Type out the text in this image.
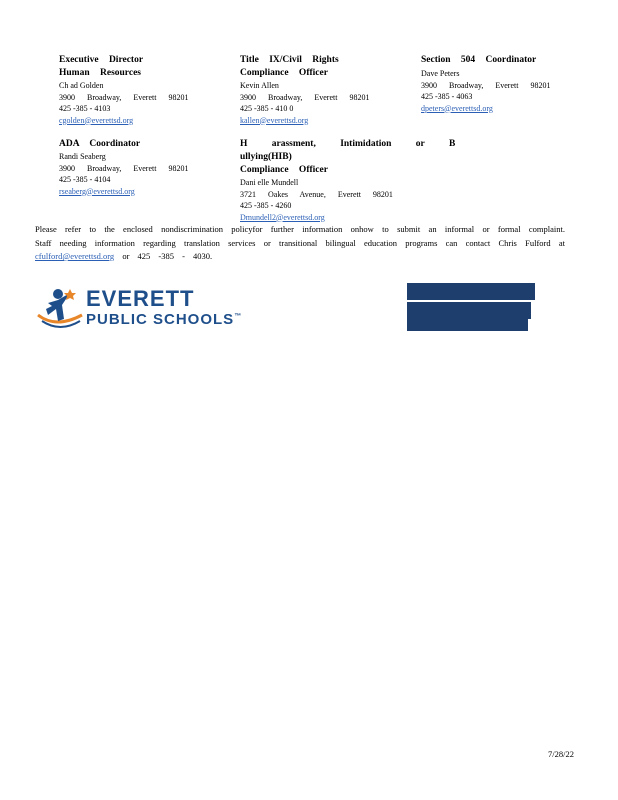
Executive Director
Human Resources
Ch ad Golden
3900 Broadway, Everett 98201
425 -385 - 4103
cgolden@everettsd.org
Title IX/Civil Rights
Compliance Officer
Kevin Allen
3900 Broadway, Everett 98201
425 -385 - 410 0
kallen@everettsd.org
Section 504 Coordinator
Dave Peters
3900 Broadway, Everett 98201
425 -385 - 4063
dpeters@everettsd.org
ADA Coordinator
Randi Seaberg
3900 Broadway, Everett 98201
425 -385 - 4104
rseaberg@everettsd.org
H arassment, Intimidation or B ullying(HIB)
Compliance Officer
Dani elle Mundell
3721 Oakes Avenue, Everett 98201
425 -385 - 4260
Dmundell2@everettsd.org
Please refer to the enclosed nondiscrimination policyfor further information onhow to submit an informal or formal complaint. Staff needing information regarding translation services or transitional bilingual education programs can contact Chris Fulford at cfulford@everettsd.org or 425 -385 - 4030.
EVERETT
PUBLIC SCHOOLS™
7/28/22
